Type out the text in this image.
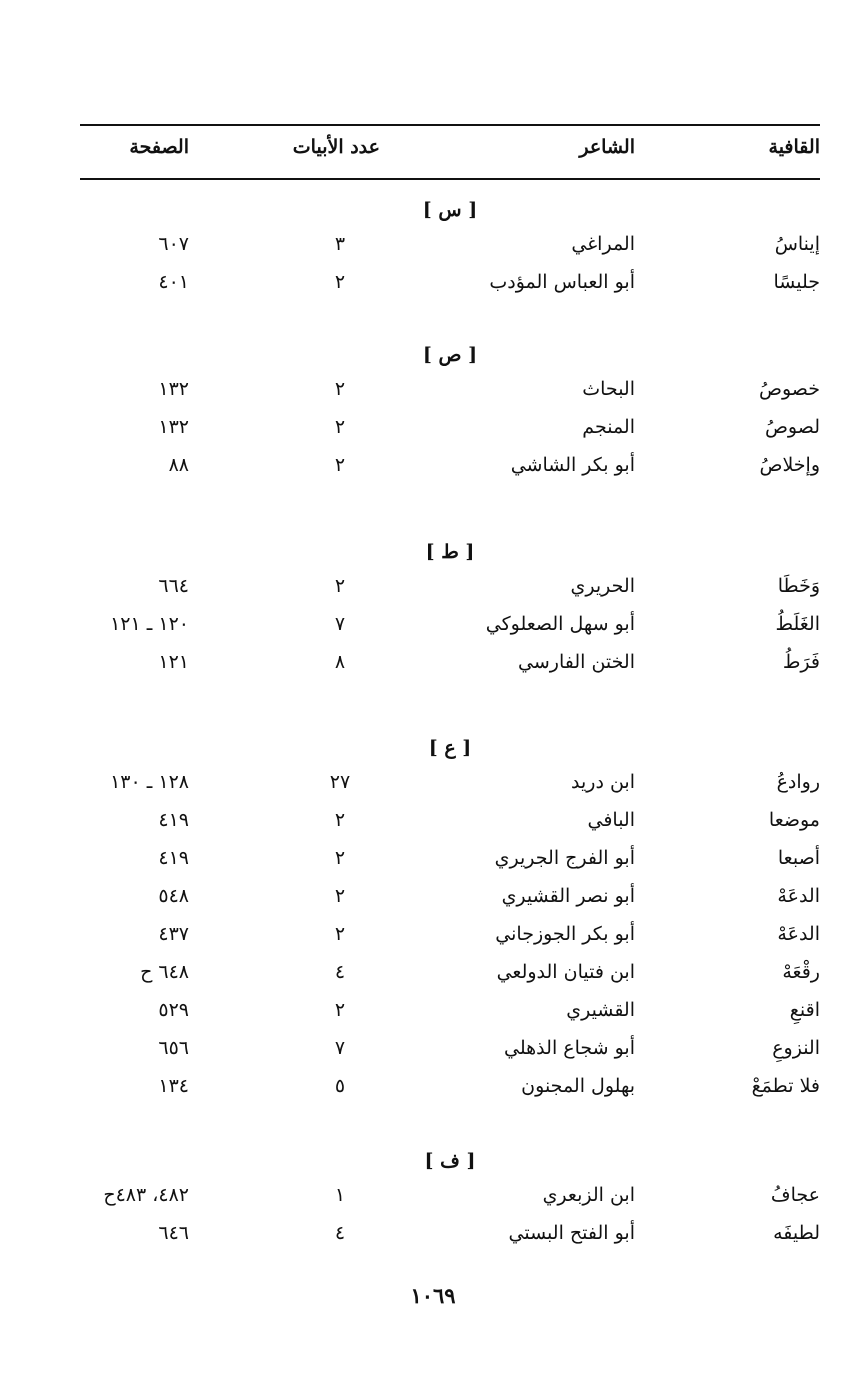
القافية
الشاعر
عدد الأبيات
الصفحة
[ س ]
إيناسُ
المراغي
٣
٦٠٧
جليسًا
أبو العباس المؤدب
٢
٤٠١
[ ص ]
خصوصُ
البحاث
٢
١٣٢
لصوصُ
المنجم
٢
١٣٢
وإخلاصُ
أبو بكر الشاشي
٢
٨٨
[ ط ]
وَخَطَا
الحريري
٢
٦٦٤
الغَلَطُ
أبو سهل الصعلوكي
٧
١٢٠ ـ ١٢١
فَرَطُ
الختن الفارسي
٨
١٢١
[ ع ]
روادعُ
ابن دريد
٢٧
١٢٨ ـ ١٣٠
موضعا
البافي
٢
٤١٩
أصبعا
أبو الفرج الجريري
٢
٤١٩
الدعَهْ
أبو نصر القشيري
٢
٥٤٨
الدعَهْ
أبو بكر الجوزجاني
٢
٤٣٧
رقْعَهْ
ابن فتيان الدولعي
٤
٦٤٨ ح
اقنعِ
القشيري
٢
٥٢٩
النزوعِ
أبو شجاع الذهلي
٧
٦٥٦
فلا تطمَعْ
بهلول المجنون
٥
١٣٤
[ ف ]
عجافُ
ابن الزبعري
١
٤٨٢، ٤٨٣ح
لطيفَه
أبو الفتح البستي
٤
٦٤٦
١٠٦٩
